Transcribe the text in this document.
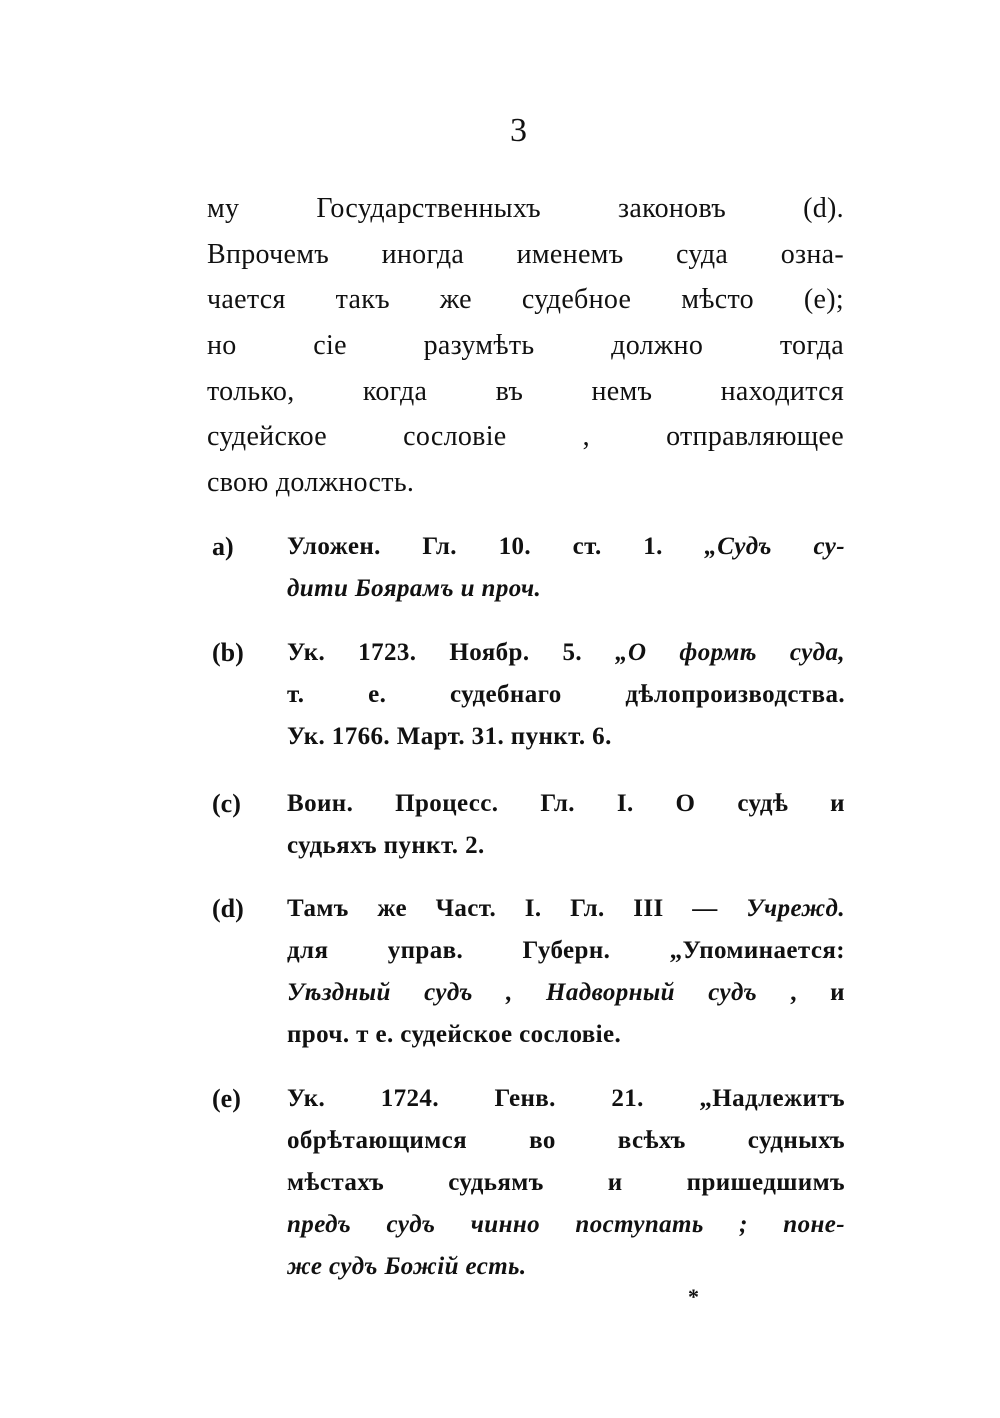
3
му Государственныхъ законовъ (d).
Впрочемъ иногда именемъ суда озна-
чается такъ же судебное мѣсто (e);
но сiе разумѣть должно тогда
только, когда въ немъ находится
судейское сословiе , отправляющее
свою должность.
a) Уложен. Гл. 10. ст. 1. „Судъ су-
дити Боярамъ и проч.
(b) Ук. 1723. Ноябр. 5. „О формѣ суда,
т. е. судебнаго дѣлопроизводства.
Ук. 1766. Март. 31. пункт. 6.
(c) Воин. Процесс. Гл. I. О судѣ и
судьяхъ пункт. 2.
(d) Тамъ же Част. I. Гл. III — Учрежд.
для управ. Губерн. „Упоминается:
Уѣздный судъ , Надворный судъ , и
проч. т е. судейское сословiе.
(e) Ук. 1724. Генв. 21. „Надлежитъ
обрѣтающимся во всѣхъ судныхъ
мѣстахъ судьямъ и пришедшимъ
предъ судъ чинно поступать ; поне-
же судъ Божiй есть.
*
